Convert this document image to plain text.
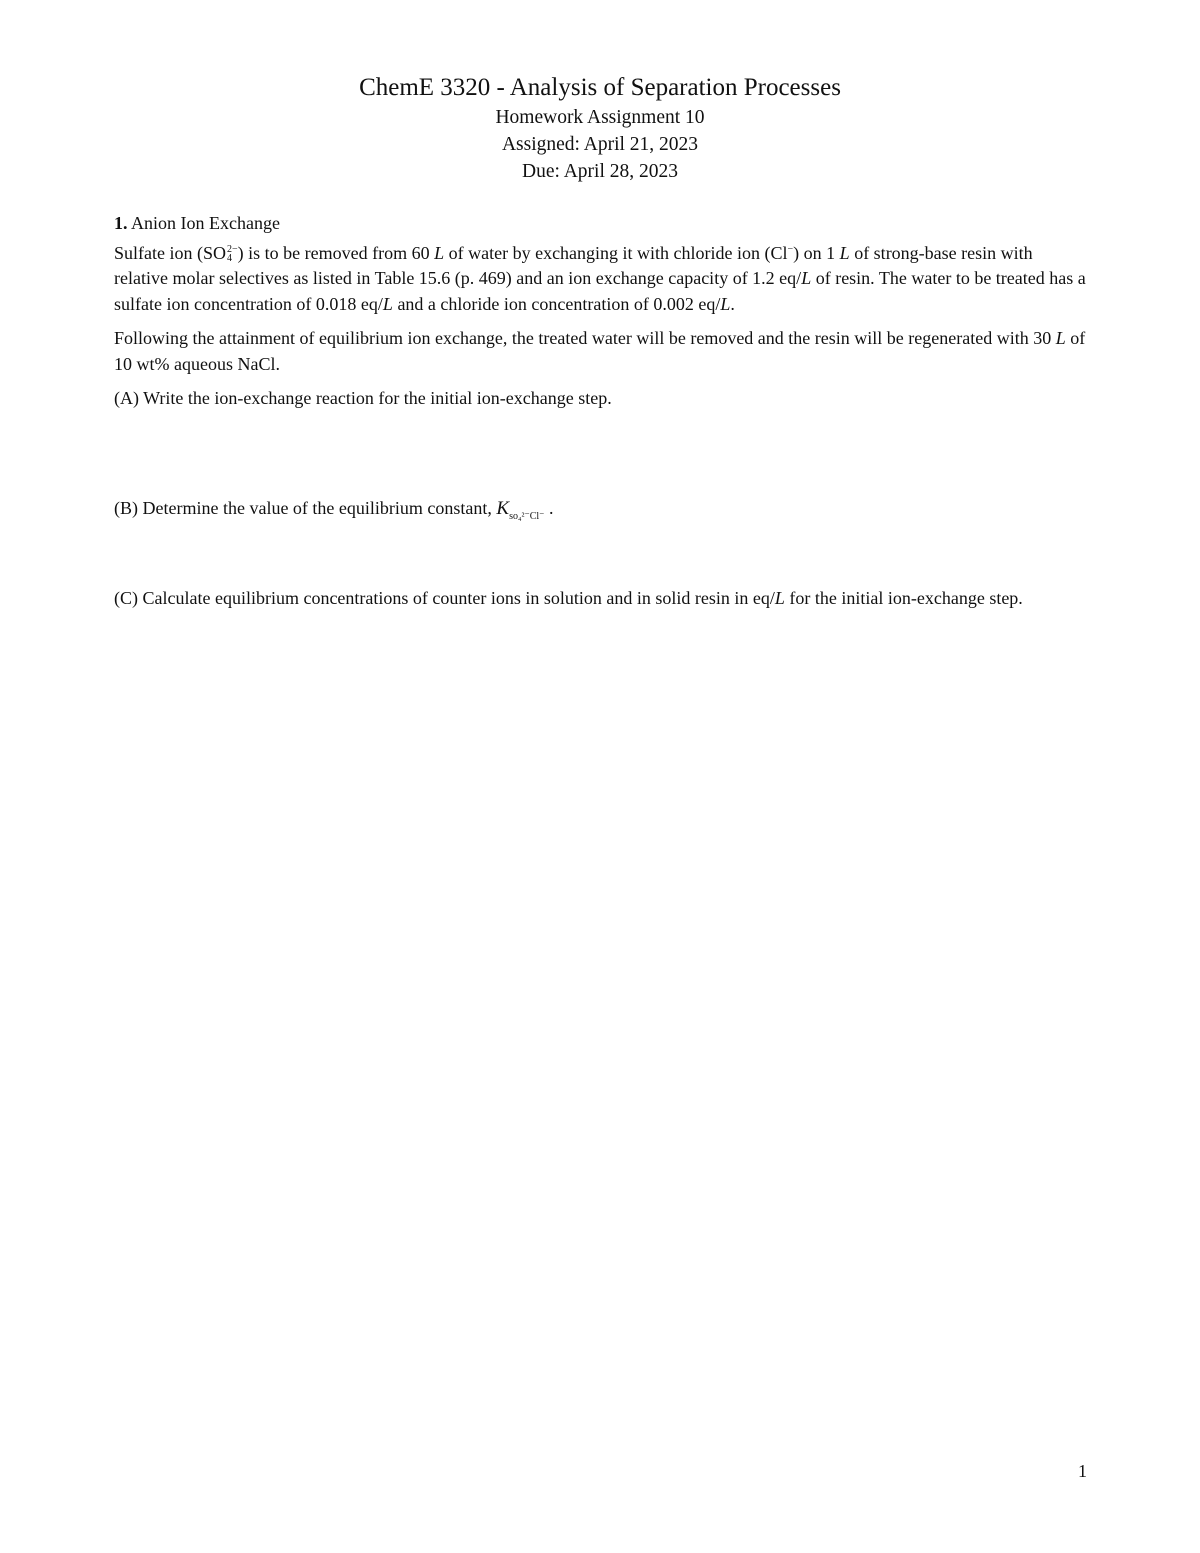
ChemE 3320 - Analysis of Separation Processes
Homework Assignment 10
Assigned: April 21, 2023
Due: April 28, 2023

1. Anion Ion Exchange

Sulfate ion (SO 2−
4 ) is to be removed from 60 L of water by exchanging it with chloride ion (Cl−) on 1 L of strong-base resin with relative molar selectives as listed in Table 15.6 (p. 469) and an ion exchange capacity of 1.2 eq/L of resin. The water to be treated has a sulfate ion concentration of 0.018 eq/L and a chloride ion concentration of 0.002 eq/L.

Following the attainment of equilibrium ion exchange, the treated water will be removed and the resin will be regenerated with 30 L of 10 wt% aqueous NaCl.

(A) Write the ion-exchange reaction for the initial ion-exchange step.

(B) Determine the value of the equilibrium constant, $K_{so_4^{2-}Cl^-}$ .

(C) Calculate equilibrium concentrations of counter ions in solution and in solid resin in eq/L for the initial ion-exchange step.

1
